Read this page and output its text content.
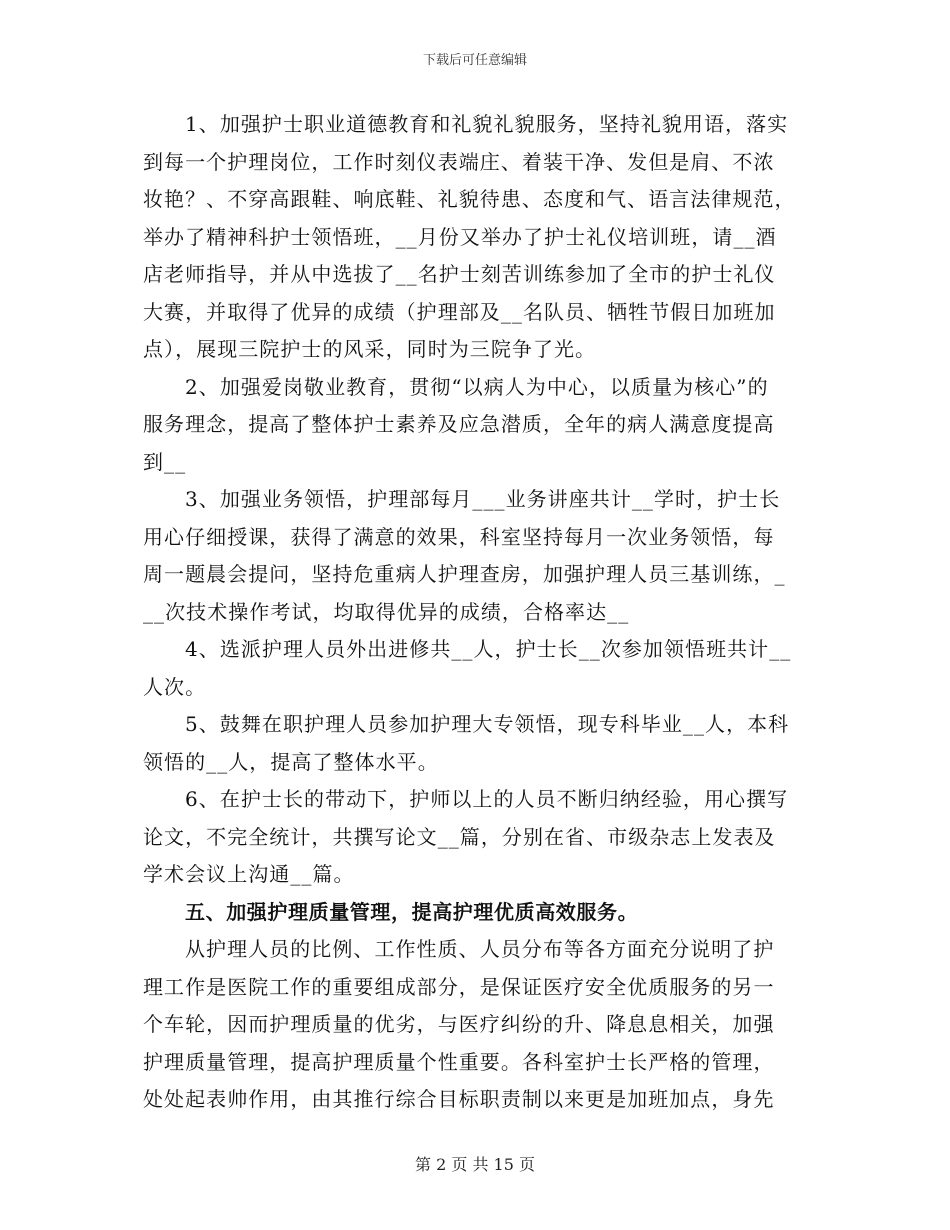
下载后可任意编辑
1、加强护士职业道德教育和礼貌礼貌服务，坚持礼貌用语，落实
到每一个护理岗位，工作时刻仪表端庄、着装干净、发但是肩、不浓
妆艳？、不穿高跟鞋、响底鞋、礼貌待患、态度和气、语言法律规范，
举办了精神科护士领悟班，__月份又举办了护士礼仪培训班，请__酒
店老师指导，并从中选拔了__名护士刻苦训练参加了全市的护士礼仪
大赛，并取得了优异的成绩（护理部及__名队员、牺牲节假日加班加
点），展现三院护士的风采，同时为三院争了光。
2、加强爱岗敬业教育，贯彻“以病人为中心，以质量为核心”的
服务理念，提高了整体护士素养及应急潜质，全年的病人满意度提高
到__
3、加强业务领悟，护理部每月___业务讲座共计__学时，护士长
用心仔细授课，获得了满意的效果，科室坚持每月一次业务领悟，每
周一题晨会提问，坚持危重病人护理查房，加强护理人员三基训练，_
__次技术操作考试，均取得优异的成绩，合格率达__
4、选派护理人员外出进修共__人，护士长__次参加领悟班共计__
人次。
5、鼓舞在职护理人员参加护理大专领悟，现专科毕业__人，本科
领悟的__人，提高了整体水平。
6、在护士长的带动下，护师以上的人员不断归纳经验，用心撰写
论文，不完全统计，共撰写论文__篇，分别在省、市级杂志上发表及
学术会议上沟通__篇。
五、加强护理质量管理，提高护理优质高效服务。
从护理人员的比例、工作性质、人员分布等各方面充分说明了护
理工作是医院工作的重要组成部分，是保证医疗安全优质服务的另一
个车轮，因而护理质量的优劣，与医疗纠纷的升、降息息相关，加强
护理质量管理，提高护理质量个性重要。各科室护士长严格的管理，
处处起表帅作用，由其推行综合目标职责制以来更是加班加点，身先
第 2 页 共 15 页
